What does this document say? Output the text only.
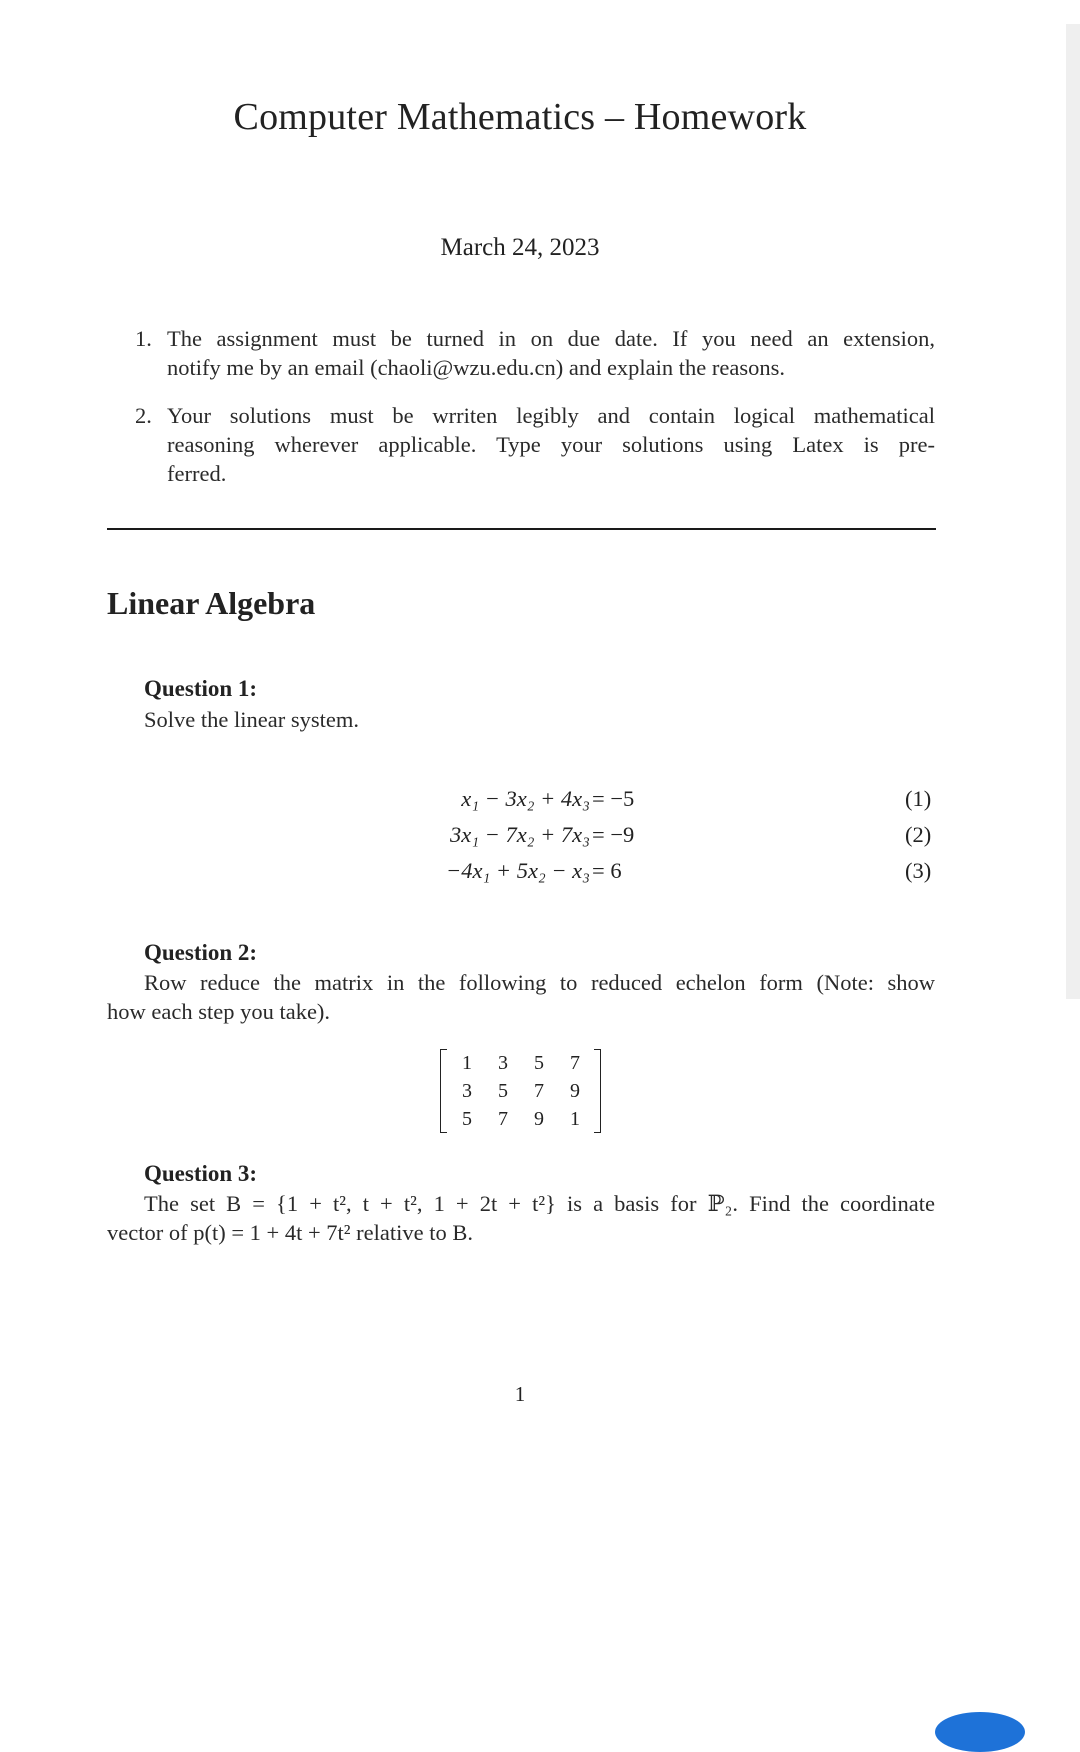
Computer Mathematics – Homework
March 24, 2023
1. The assignment must be turned in on due date. If you need an extension,
notify me by an email (chaoli@wzu.edu.cn) and explain the reasons.
2. Your solutions must be wrriten legibly and contain logical mathematical
reasoning wherever applicable. Type your solutions using Latex is pre-
ferred.
Linear Algebra
Question 1:
Solve the linear system.
x₁ − 3x₂ + 4x₃ = −5	(1)
3x₁ − 7x₂ + 7x₃ = −9	(2)
−4x₁ + 5x₂ − x₃ = 6	(3)
Question 2:
Row reduce the matrix in the following to reduced echelon form (Note: show
how each step you take).
1 3 5 7
3 5 7 9
5 7 9 1
Question 3:
The set B = {1 + t², t + t², 1 + 2t + t²} is a basis for ℙ₂. Find the coordinate
vector of p(t) = 1 + 4t + 7t² relative to B.
1
